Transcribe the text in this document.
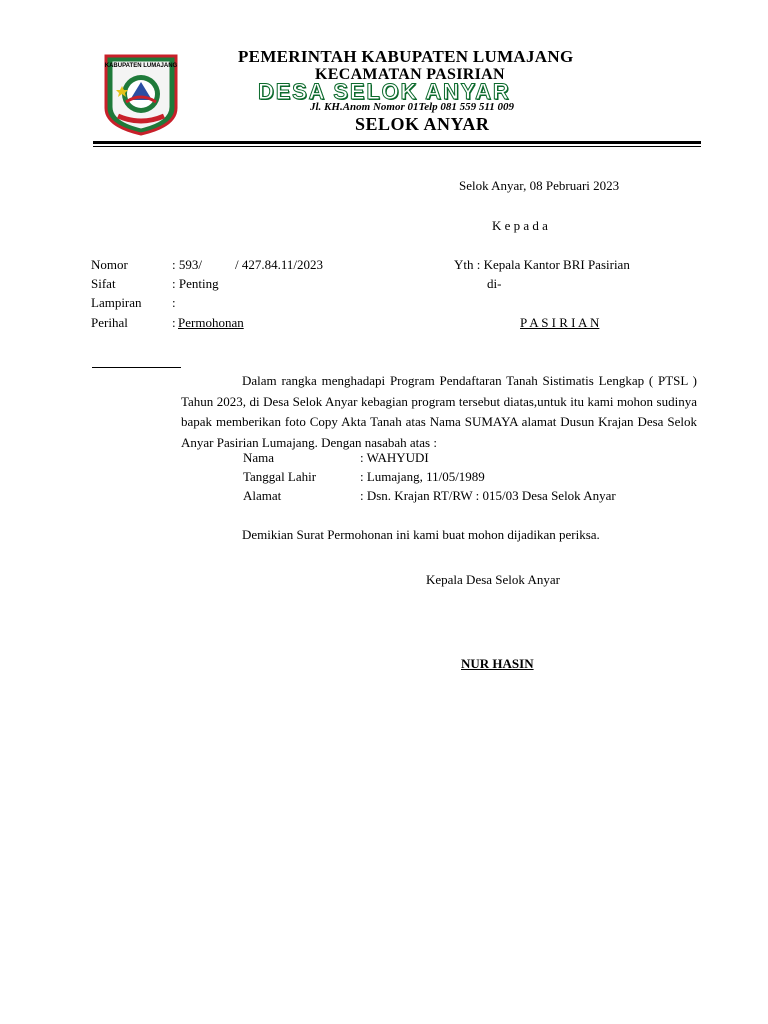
KABUPATEN LUMAJANG	PEMERINTAH KABUPATEN LUMAJANG
KECAMATAN PASIRIAN
DESA SELOK ANYAR
Jl. KH.Anom Nomor 01Telp 081 559 511 009
SELOK ANYAR
Selok Anyar, 08 Pebruari 2023
K e p a d a
Nomor	: 593/	/ 427.84.11/2023
Sifat	: Penting
Lampiran :
Perihal	: Permohonan
Yth : Kepala Kantor BRI Pasirian
di-
P A S I R I A N
Dalam rangka menghadapi Program Pendaftaran Tanah Sistimatis Lengkap ( PTSL ) Tahun 2023, di Desa Selok Anyar kebagian program tersebut diatas,untuk itu kami mohon sudinya bapak memberikan foto Copy Akta Tanah atas Nama SUMAYA alamat Dusun Krajan Desa Selok Anyar Pasirian Lumajang. Dengan nasabah atas :
Nama	: WAHYUDI
Tanggal Lahir	: Lumajang, 11/05/1989
Alamat	: Dsn. Krajan RT/RW : 015/03 Desa Selok Anyar
Demikian Surat Permohonan ini kami buat mohon dijadikan periksa.
Kepala Desa Selok Anyar
NUR HASIN
